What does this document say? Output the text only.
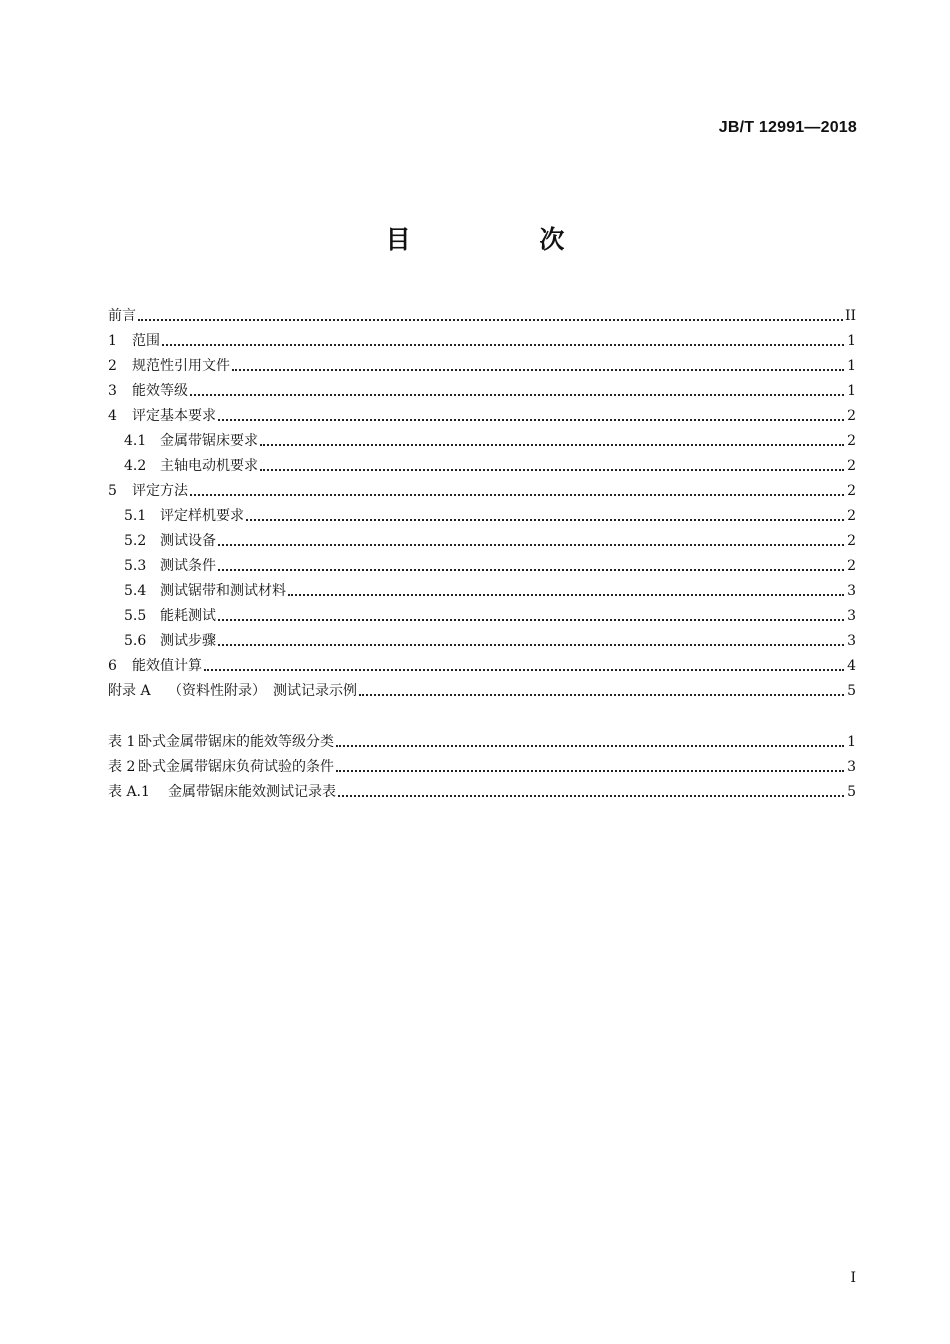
JB/T 12991—2018
目 次
前言	II
1	范围	1
2	规范性引用文件	1
3	能效等级	1
4	评定基本要求	2
4.1 金属带锯床要求	2
4.2 主轴电动机要求	2
5	评定方法	2
5.1 评定样机要求	2
5.2 测试设备	2
5.3 测试条件	2
5.4 测试锯带和测试材料	3
5.5 能耗测试	3
5.6 测试步骤	3
6	能效值计算	4
附录 A	（资料性附录）　测试记录示例	5
表 1 卧式金属带锯床的能效等级分类	1
表 2 卧式金属带锯床负荷试验的条件	3
表 A.1	金属带锯床能效测试记录表	5
I
